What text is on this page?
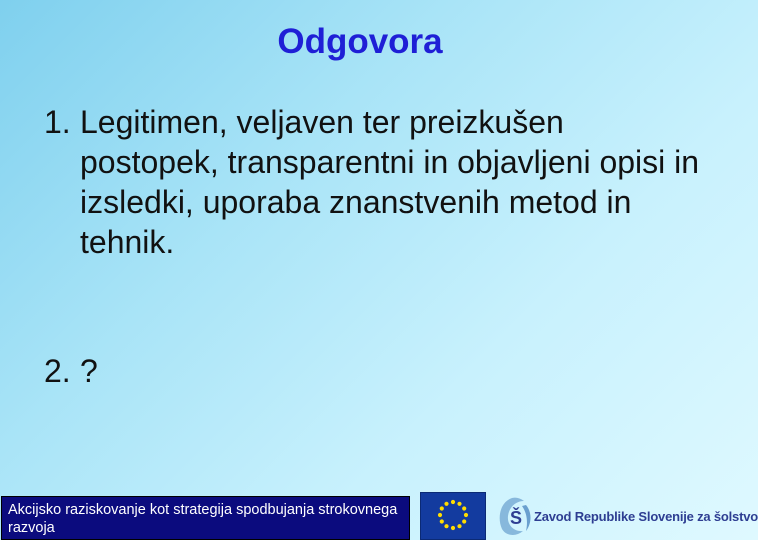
Odgovora
1. Legitimen, veljaven ter preizkušen postopek, transparentni in objavljeni opisi in izsledki, uporaba znanstvenih metod in tehnik.
2. ?
Akcijsko raziskovanje kot strategija spodbujanja strokovnega razvoja	Š Zavod Republike Slovenije za šolstvo
